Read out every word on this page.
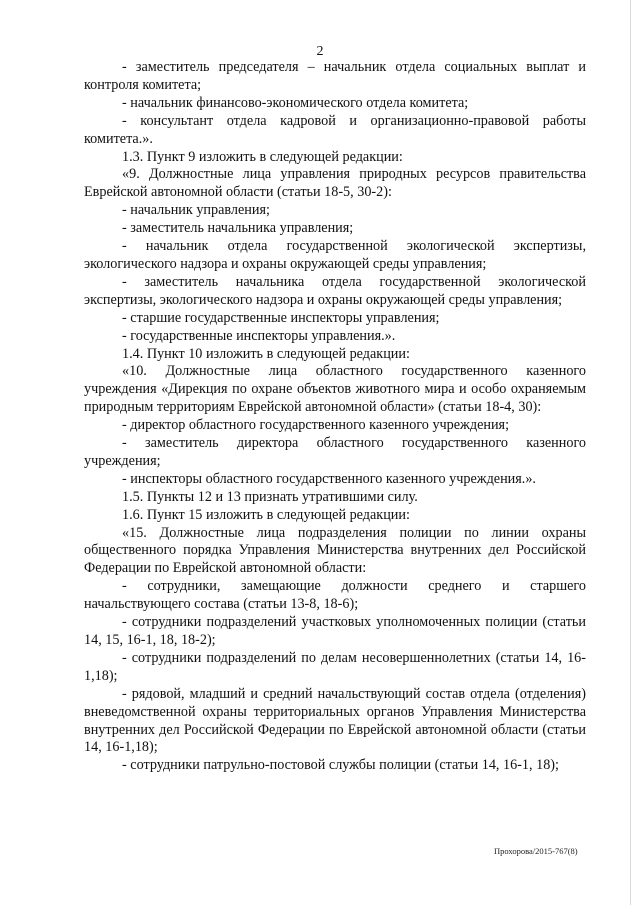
2

- заместитель председателя – начальник отдела социальных выплат и контроля комитета;

- начальник финансово-экономического отдела комитета;

- консультант отдела кадровой и организационно-правовой работы комитета.».

1.3. Пункт 9 изложить в следующей редакции:

«9. Должностные лица управления природных ресурсов правительства Еврейской автономной области (статьи 18-5, 30-2):

- начальник управления;

- заместитель начальника управления;

- начальник отдела государственной экологической экспертизы, экологического надзора и охраны окружающей среды управления;

- заместитель начальника отдела государственной экологической экспертизы, экологического надзора и охраны окружающей среды управления;

- старшие государственные инспекторы управления;

- государственные инспекторы управления.».

1.4. Пункт 10 изложить в следующей редакции:

«10. Должностные лица областного государственного казенного учреждения «Дирекция по охране объектов животного мира и особо охраняемым природным территориям Еврейской автономной области» (статьи 18-4, 30):

- директор областного государственного казенного учреждения;

- заместитель директора областного государственного казенного учреждения;

- инспекторы областного государственного казенного учреждения.».

1.5. Пункты 12 и 13 признать утратившими силу.

1.6. Пункт 15 изложить в следующей редакции:

«15. Должностные лица подразделения полиции по линии охраны общественного порядка Управления Министерства внутренних дел Российской Федерации по Еврейской автономной области:

- сотрудники, замещающие должности среднего и старшего начальствующего состава (статьи 13-8, 18-6);

- сотрудники подразделений участковых уполномоченных полиции (статьи 14, 15, 16-1, 18, 18-2);

- сотрудники подразделений по делам несовершеннолетних (статьи 14, 16-1,18);

- рядовой, младший и средний начальствующий состав отдела (отделения) вневедомственной охраны территориальных органов Управления Министерства внутренних дел Российской Федерации по Еврейской автономной области (статьи 14, 16-1,18);

- сотрудники патрульно-постовой службы полиции (статьи 14, 16-1, 18);

Прохорова/2015-767(8)
